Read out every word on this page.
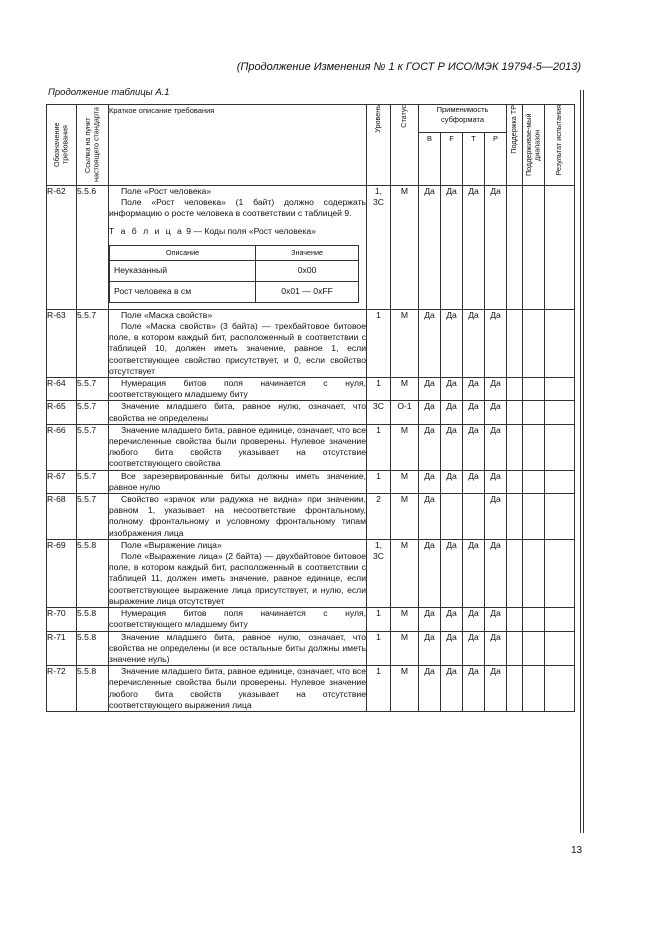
(Продолжение Изменения № 1 к ГОСТ Р ИСО/МЭК 19794-5—2013)
Продолжение таблицы А.1
Обозначение требования	Ссылка на пункт настоящего стандарта	Краткое описание требования	Уровень	Статус	Применимость субформата	Поддержка ТР	Поддерживае-мый диапазон	Результат испытания

B	F	T	P
R-62	5.5.6	Поле «Рост человека»

Поле «Рост человека» (1 байт) должно содержать информацию о росте человека в соответствии с таблицей 9.

Т а б л и ц а 9 — Коды поля «Рост человека»

Описание	Значение
Неуказанный	0x00
Рост человека в см	0x01 — 0xFF
	1,
3С	М	Да	Да	Да	Да			
R-63	5.5.7	Поле «Маска свойств»

Поле «Маска свойств» (3 байта) — трехбайтовое битовое поле, в котором каждый бит, расположенный в соответствии с таблицей 10, должен иметь значение, равное 1, если соответствующее свойство присутствует, и 0, если свойство отсутствует

	1	М	Да	Да	Да	Да			
R-64	5.5.7	Нумерация битов поля начинается с нуля, соответствующего младшему биту

	1	М	Да	Да	Да	Да			
R-65	5.5.7	Значение младшего бита, равное нулю, означает, что свойства не определены

	3С	О-1	Да	Да	Да	Да			
R-66	5.5.7	Значение младшего бита, равное единице, означает, что все перечисленные свойства были проверены. Нулевое значение любого бита свойств указывает на отсутствие соответствующего свойства

	1	М	Да	Да	Да	Да			
R-67	5.5.7	Все зарезервированные биты должны иметь значение, равное нулю

	1	М	Да	Да	Да	Да			
R-68	5.5.7	Свойство «зрачок или радужка не видна» при значении, равном 1, указывает на несоответствие фронтальному, полному фронтальному и условному фронтальному типам изображения лица

	2	М	Да			Да			
R-69	5.5.8	Поле «Выражение лица»

Поле «Выражение лица» (2 байта) — двухбайтовое битовое поле, в котором каждый бит, расположенный в соответствии с таблицей 11, должен иметь значение, равное единице, если соответствующее выражение лица присутствует, и нулю, если выражение лица отсутствует

	1,
3С	М	Да	Да	Да	Да			
R-70	5.5.8	Нумерация битов поля начинается с нуля, соответствующего младшему биту

	1	М	Да	Да	Да	Да			
R-71	5.5.8	Значение младшего бита, равное нулю, означает, что свойства не определены (и все остальные биты должны иметь значение нуль)

	1	М	Да	Да	Да	Да			
R-72	5.5.8	Значение младшего бита, равное единице, означает, что все перечисленные свойства были проверены. Нулевое значение любого бита свойств указывает на отсутствие соответствующего выражения лица

	1	М	Да	Да	Да	Да			
13
